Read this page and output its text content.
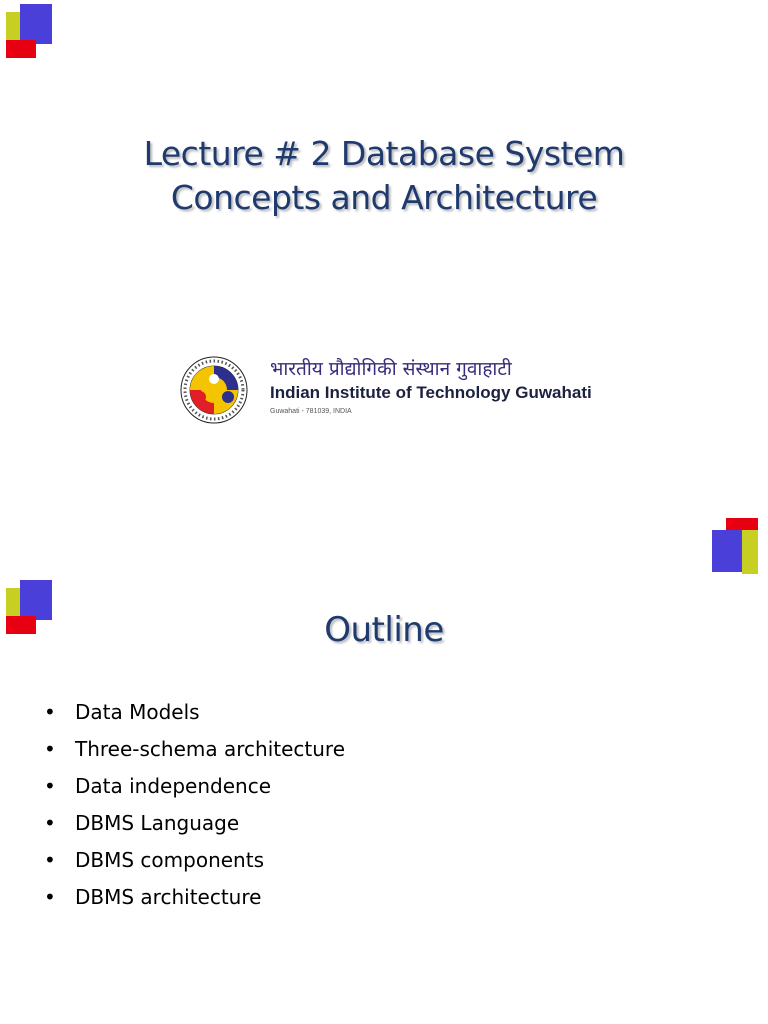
Lecture # 2 Database System
Concepts and Architecture
भारतीय प्रौद्योगिकी संस्थान गुवाहाटी
Indian Institute of Technology Guwahati
Guwahati - 781039, INDIA
Outline
• Data Models
• Three-schema architecture
• Data independence
• DBMS Language
• DBMS components
• DBMS architecture
